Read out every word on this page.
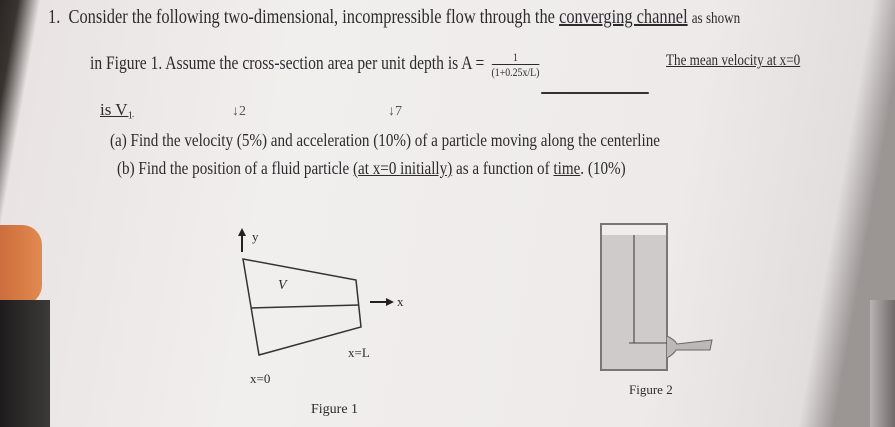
1. Consider the following two-dimensional, incompressible flow through the converging channel as shown
in Figure 1. Assume the cross-section area per unit depth is $A = \frac{1}{(1+0.25x/L)}$	The mean velocity at x=0
is V₁	↓2	↓7
(a) Find the velocity (5%) and acceleration (10%) of a particle moving along the centerline
(b) Find the position of a fluid particle (at x=0 initially) as a function of time. (10%)
y
V⃗
x
x=L
x=0
Figure 1
Figure 2
